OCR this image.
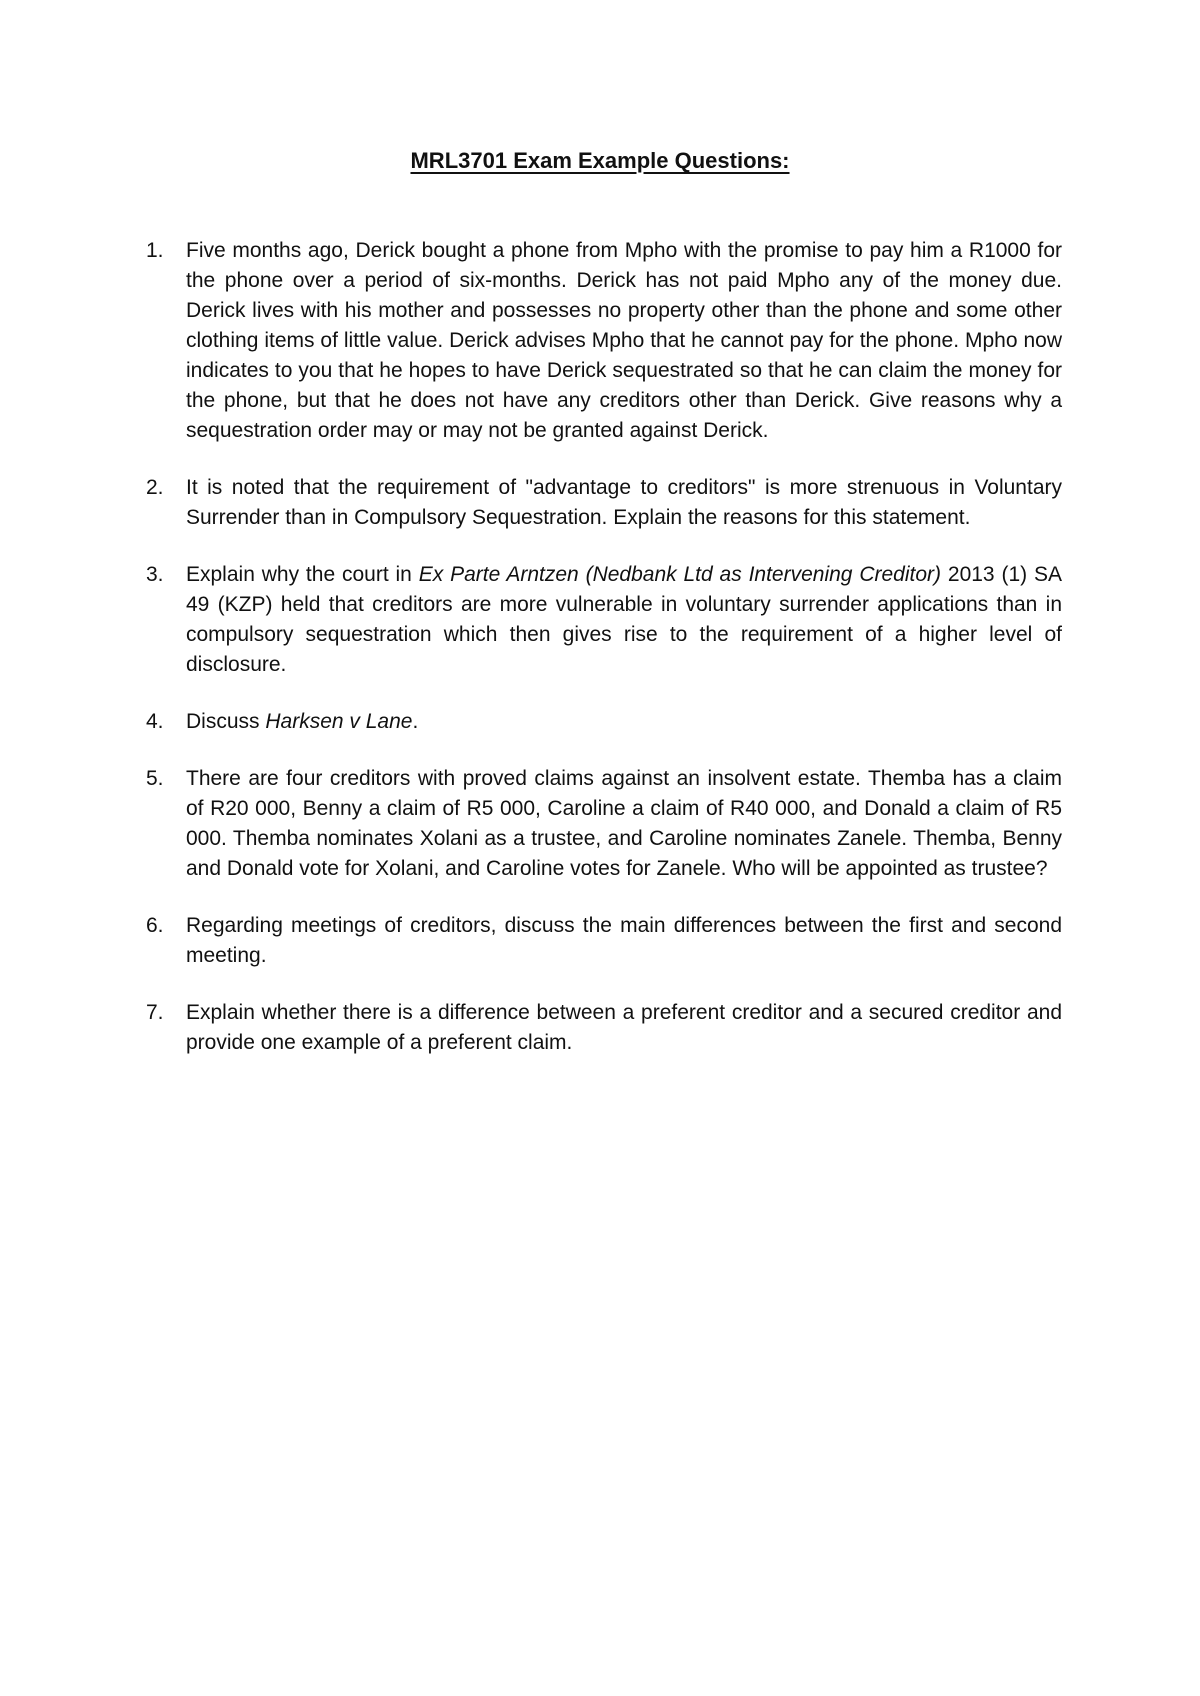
MRL3701 Exam Example Questions:
1. Five months ago, Derick bought a phone from Mpho with the promise to pay him a R1000 for the phone over a period of six-months. Derick has not paid Mpho any of the money due. Derick lives with his mother and possesses no property other than the phone and some other clothing items of little value. Derick advises Mpho that he cannot pay for the phone. Mpho now indicates to you that he hopes to have Derick sequestrated so that he can claim the money for the phone, but that he does not have any creditors other than Derick. Give reasons why a sequestration order may or may not be granted against Derick.
2. It is noted that the requirement of "advantage to creditors" is more strenuous in Voluntary Surrender than in Compulsory Sequestration. Explain the reasons for this statement.
3. Explain why the court in Ex Parte Arntzen (Nedbank Ltd as Intervening Creditor) 2013 (1) SA 49 (KZP) held that creditors are more vulnerable in voluntary surrender applications than in compulsory sequestration which then gives rise to the requirement of a higher level of disclosure.
4. Discuss Harksen v Lane.
5. There are four creditors with proved claims against an insolvent estate. Themba has a claim of R20 000, Benny a claim of R5 000, Caroline a claim of R40 000, and Donald a claim of R5 000. Themba nominates Xolani as a trustee, and Caroline nominates Zanele. Themba, Benny and Donald vote for Xolani, and Caroline votes for Zanele. Who will be appointed as trustee?
6. Regarding meetings of creditors, discuss the main differences between the first and second meeting.
7. Explain whether there is a difference between a preferent creditor and a secured creditor and provide one example of a preferent claim.
